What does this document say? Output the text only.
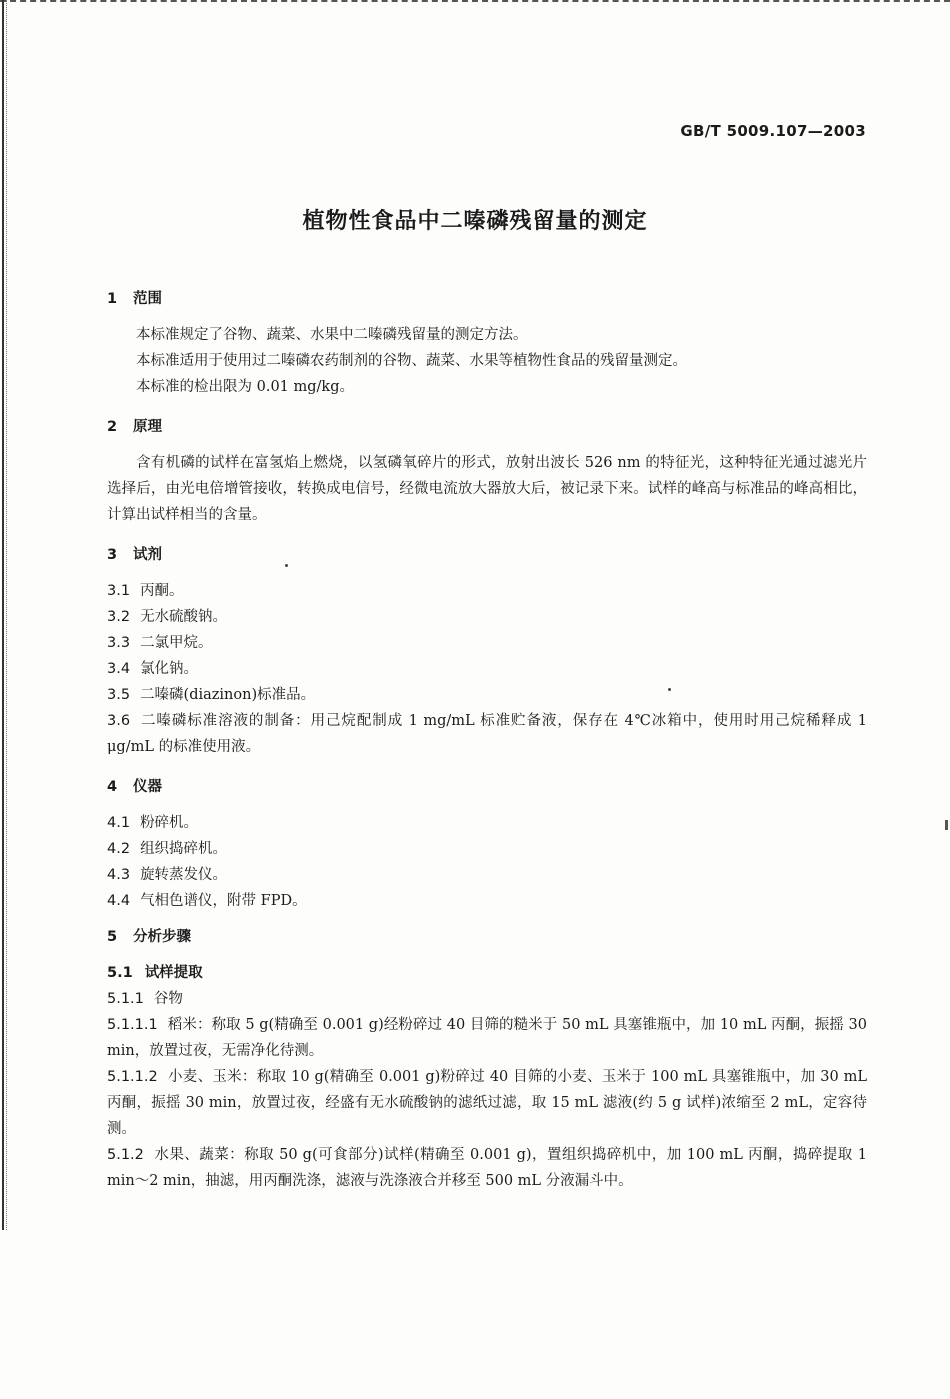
GB/T 5009.107—2003
植物性食品中二嗪磷残留量的测定
1 范围

本标准规定了谷物、蔬菜、水果中二嗪磷残留量的测定方法。

本标准适用于使用过二嗪磷农药制剂的谷物、蔬菜、水果等植物性食品的残留量测定。

本标准的检出限为 0.01 mg/kg。

2 原理

含有机磷的试样在富氢焰上燃烧，以氢磷氧碎片的形式，放射出波长 526 nm 的特征光，这种特征光通过滤光片选择后，由光电倍增管接收，转换成电信号，经微电流放大器放大后，被记录下来。试样的峰高与标准品的峰高相比，计算出试样相当的含量。

3 试剂

3.1 丙酮。

3.2 无水硫酸钠。

3.3 二氯甲烷。

3.4 氯化钠。

3.5 二嗪磷(diazinon)标准品。

3.6 二嗪磷标准溶液的制备：用己烷配制成 1 mg/mL 标准贮备液，保存在 4℃冰箱中，使用时用己烷稀释成 1 μg/mL 的标准使用液。

4 仪器

4.1 粉碎机。

4.2 组织捣碎机。

4.3 旋转蒸发仪。

4.4 气相色谱仪，附带 FPD。

5 分析步骤

5.1 试样提取

5.1.1 谷物

5.1.1.1 稻米：称取 5 g(精确至 0.001 g)经粉碎过 40 目筛的糙米于 50 mL 具塞锥瓶中，加 10 mL 丙酮，振摇 30 min，放置过夜，无需净化待测。

5.1.1.2 小麦、玉米：称取 10 g(精确至 0.001 g)粉碎过 40 目筛的小麦、玉米于 100 mL 具塞锥瓶中，加 30 mL 丙酮，振摇 30 min，放置过夜，经盛有无水硫酸钠的滤纸过滤，取 15 mL 滤液(约 5 g 试样)浓缩至 2 mL，定容待测。

5.1.2 水果、蔬菜：称取 50 g(可食部分)试样(精确至 0.001 g)，置组织捣碎机中，加 100 mL 丙酮，捣碎提取 1 min～2 min，抽滤，用丙酮洗涤，滤液与洗涤液合并移至 500 mL 分液漏斗中。
